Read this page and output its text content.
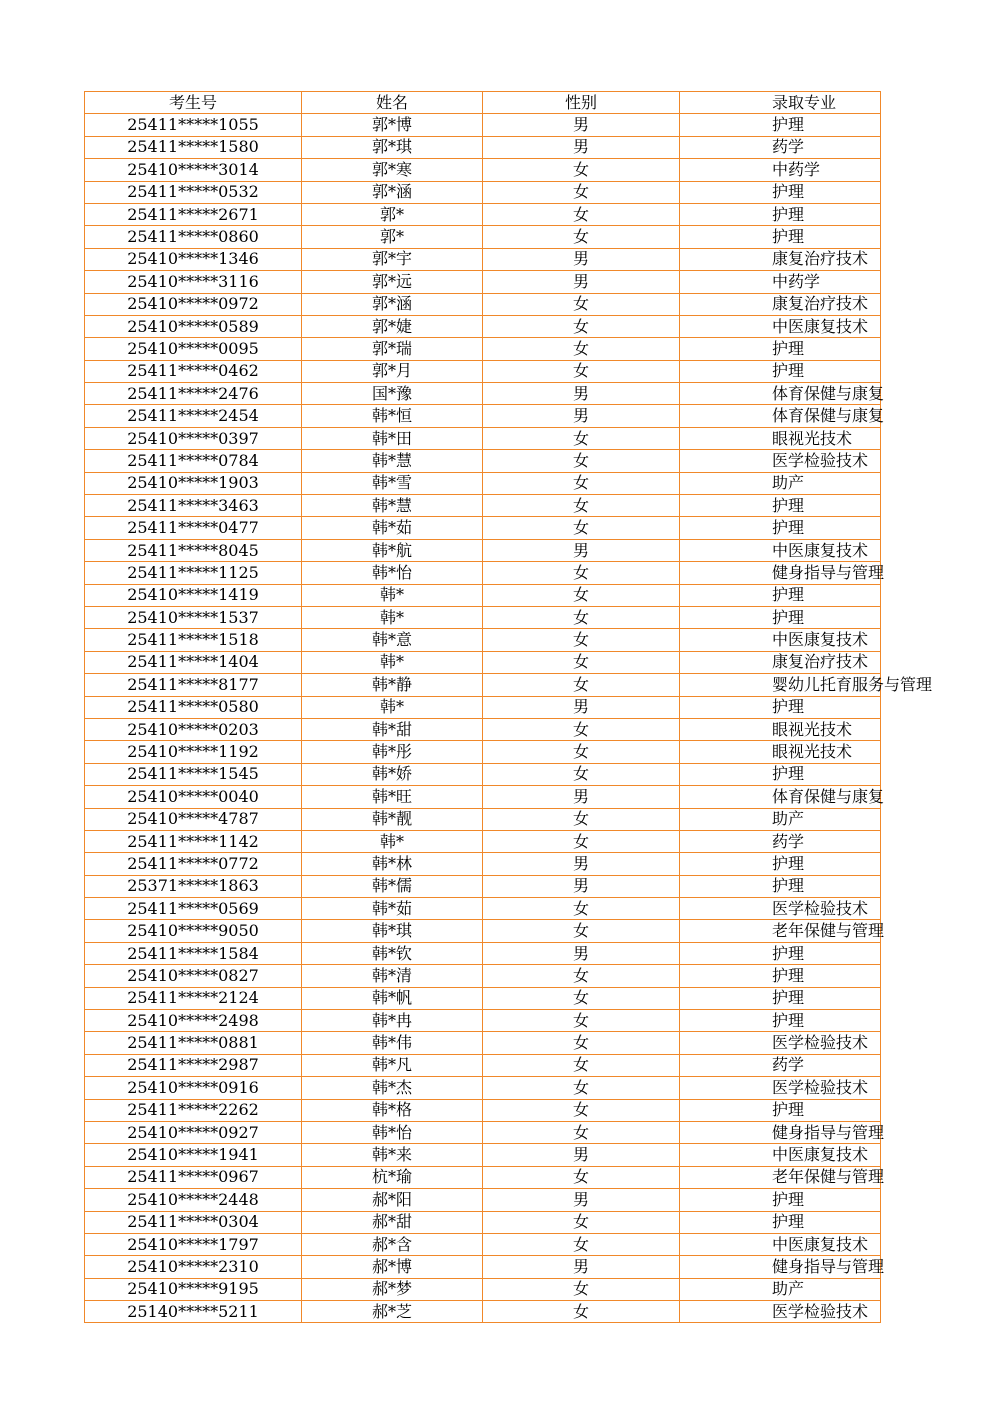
考生号	姓名	性别	录取专业
25411*****1055	郭*博	男	护理
25411*****1580	郭*琪	男	药学
25410*****3014	郭*寒	女	中药学
25411*****0532	郭*涵	女	护理
25411*****2671	郭*	女	护理
25411*****0860	郭*	女	护理
25410*****1346	郭*宇	男	康复治疗技术
25410*****3116	郭*远	男	中药学
25410*****0972	郭*涵	女	康复治疗技术
25410*****0589	郭*婕	女	中医康复技术
25410*****0095	郭*瑞	女	护理
25411*****0462	郭*月	女	护理
25411*****2476	国*豫	男	体育保健与康复
25411*****2454	韩*恒	男	体育保健与康复
25410*****0397	韩*田	女	眼视光技术
25411*****0784	韩*慧	女	医学检验技术
25410*****1903	韩*雪	女	助产
25411*****3463	韩*慧	女	护理
25411*****0477	韩*茹	女	护理
25411*****8045	韩*航	男	中医康复技术
25411*****1125	韩*怡	女	健身指导与管理
25410*****1419	韩*	女	护理
25410*****1537	韩*	女	护理
25411*****1518	韩*意	女	中医康复技术
25411*****1404	韩*	女	康复治疗技术
25411*****8177	韩*静	女	婴幼儿托育服务与管理
25411*****0580	韩*	男	护理
25410*****0203	韩*甜	女	眼视光技术
25410*****1192	韩*彤	女	眼视光技术
25411*****1545	韩*娇	女	护理
25410*****0040	韩*旺	男	体育保健与康复
25410*****4787	韩*靓	女	助产
25411*****1142	韩*	女	药学
25411*****0772	韩*林	男	护理
25371*****1863	韩*儒	男	护理
25411*****0569	韩*茹	女	医学检验技术
25410*****9050	韩*琪	女	老年保健与管理
25411*****1584	韩*钦	男	护理
25410*****0827	韩*清	女	护理
25411*****2124	韩*帆	女	护理
25410*****2498	韩*冉	女	护理
25411*****0881	韩*伟	女	医学检验技术
25411*****2987	韩*凡	女	药学
25410*****0916	韩*杰	女	医学检验技术
25411*****2262	韩*格	女	护理
25410*****0927	韩*怡	女	健身指导与管理
25410*****1941	韩*来	男	中医康复技术
25411*****0967	杭*瑜	女	老年保健与管理
25410*****2448	郝*阳	男	护理
25411*****0304	郝*甜	女	护理
25410*****1797	郝*含	女	中医康复技术
25410*****2310	郝*博	男	健身指导与管理
25410*****9195	郝*梦	女	助产
25140*****5211	郝*芝	女	医学检验技术
